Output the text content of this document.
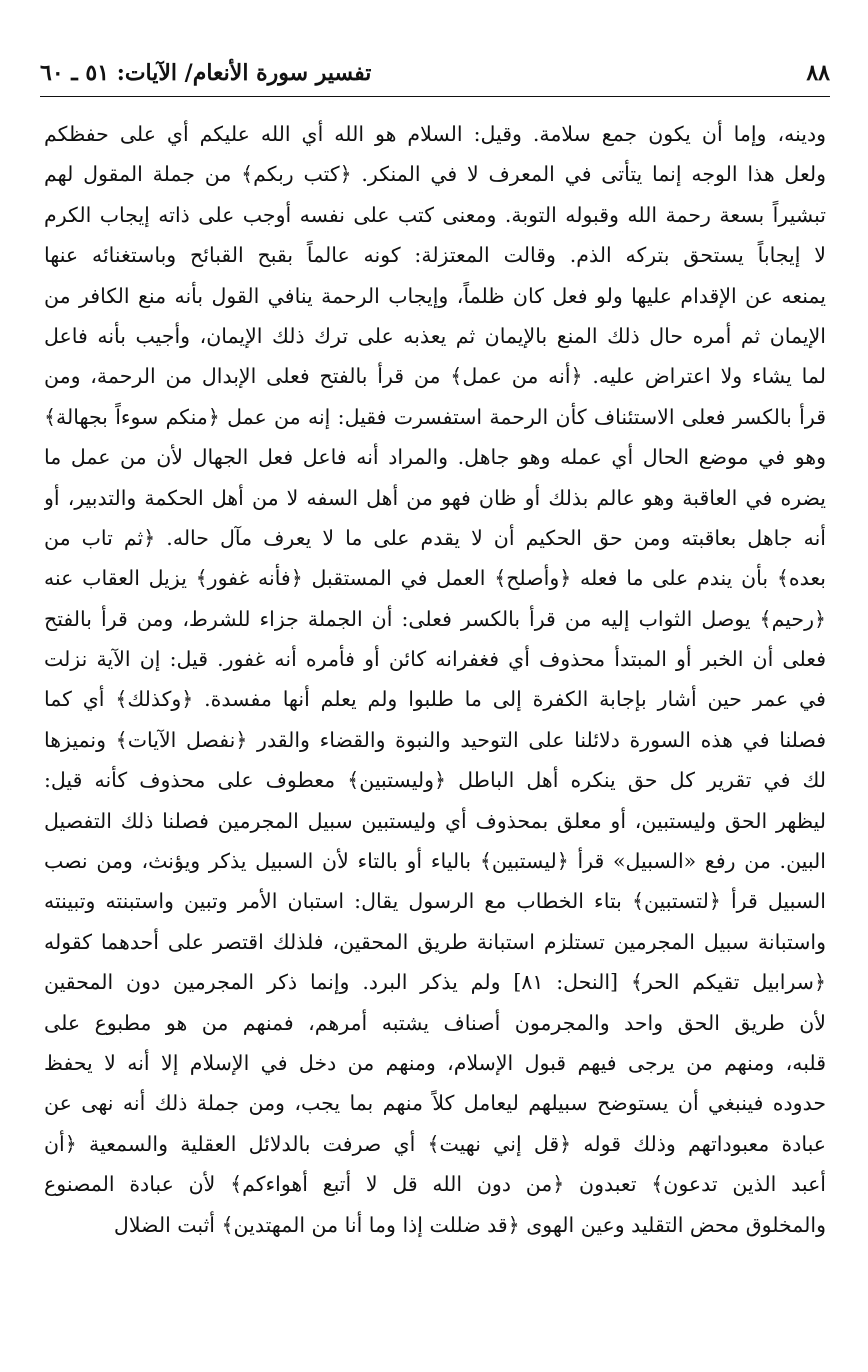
٨٨
تفسير سورة الأنعام/ الآيات: ٥١ ـ ٦٠
ودينه، وإما أن يكون جمع سلامة. وقيل: السلام هو الله أي الله عليكم أي على حفظكم
ولعل هذا الوجه إنما يتأتى في المعرف لا في المنكر. ﴿كتب ربكم﴾ من جملة المقول لهم
تبشيراً بسعة رحمة الله وقبوله التوبة. ومعنى كتب على نفسه أوجب على ذاته إيجاب الكرم
لا إيجاباً يستحق بتركه الذم. وقالت المعتزلة: كونه عالماً بقبح القبائح وباستغنائه عنها
يمنعه عن الإقدام عليها ولو فعل كان ظلماً، وإيجاب الرحمة ينافي القول بأنه منع الكافر من
الإيمان ثم أمره حال ذلك المنع بالإيمان ثم يعذبه على ترك ذلك الإيمان، وأجيب بأنه فاعل
لما يشاء ولا اعتراض عليه. ﴿أنه من عمل﴾ من قرأ بالفتح فعلى الإبدال من الرحمة، ومن
قرأ بالكسر فعلى الاستئناف كأن الرحمة استفسرت فقيل: إنه من عمل ﴿منكم سوءاً بجهالة﴾
وهو في موضع الحال أي عمله وهو جاهل. والمراد أنه فاعل فعل الجهال لأن من عمل ما
يضره في العاقبة وهو عالم بذلك أو ظان فهو من أهل السفه لا من أهل الحكمة والتدبير، أو
أنه جاهل بعاقبته ومن حق الحكيم أن لا يقدم على ما لا يعرف مآل حاله. ﴿ثم تاب من
بعده﴾ بأن يندم على ما فعله ﴿وأصلح﴾ العمل في المستقبل ﴿فأنه غفور﴾ يزيل العقاب عنه
﴿رحيم﴾ يوصل الثواب إليه من قرأ بالكسر فعلى: أن الجملة جزاء للشرط، ومن قرأ بالفتح
فعلى أن الخبر أو المبتدأ محذوف أي فغفرانه كائن أو فأمره أنه غفور. قيل: إن الآية نزلت
في عمر حين أشار بإجابة الكفرة إلى ما طلبوا ولم يعلم أنها مفسدة. ﴿وكذلك﴾ أي كما
فصلنا في هذه السورة دلائلنا على التوحيد والنبوة والقضاء والقدر ﴿نفصل الآيات﴾ ونميزها
لك في تقرير كل حق ينكره أهل الباطل ﴿وليستبين﴾ معطوف على محذوف كأنه قيل:
ليظهر الحق وليستبين، أو معلق بمحذوف أي وليستبين سبيل المجرمين فصلنا ذلك التفصيل
البين. من رفع «السبيل» قرأ ﴿ليستبين﴾ بالياء أو بالتاء لأن السبيل يذكر ويؤنث، ومن نصب
السبيل قرأ ﴿لتستبين﴾ بتاء الخطاب مع الرسول يقال: استبان الأمر وتبين واستبنته وتبينته
واستبانة سبيل المجرمين تستلزم استبانة طريق المحقين، فلذلك اقتصر على أحدهما كقوله
﴿سرابيل تقيكم الحر﴾ [النحل: ٨١] ولم يذكر البرد. وإنما ذكر المجرمين دون المحقين
لأن طريق الحق واحد والمجرمون أصناف يشتبه أمرهم، فمنهم من هو مطبوع على
قلبه، ومنهم من يرجى فيهم قبول الإسلام، ومنهم من دخل في الإسلام إلا أنه لا يحفظ
حدوده فينبغي أن يستوضح سبيلهم ليعامل كلاً منهم بما يجب، ومن جملة ذلك أنه نهى عن
عبادة معبوداتهم وذلك قوله ﴿قل إني نهيت﴾ أي صرفت بالدلائل العقلية والسمعية ﴿أن
أعبد الذين تدعون﴾ تعبدون ﴿من دون الله قل لا أتبع أهواءكم﴾ لأن عبادة المصنوع
والمخلوق محض التقليد وعين الهوى ﴿قد ضللت إذا وما أنا من المهتدين﴾ أثبت الضلال
